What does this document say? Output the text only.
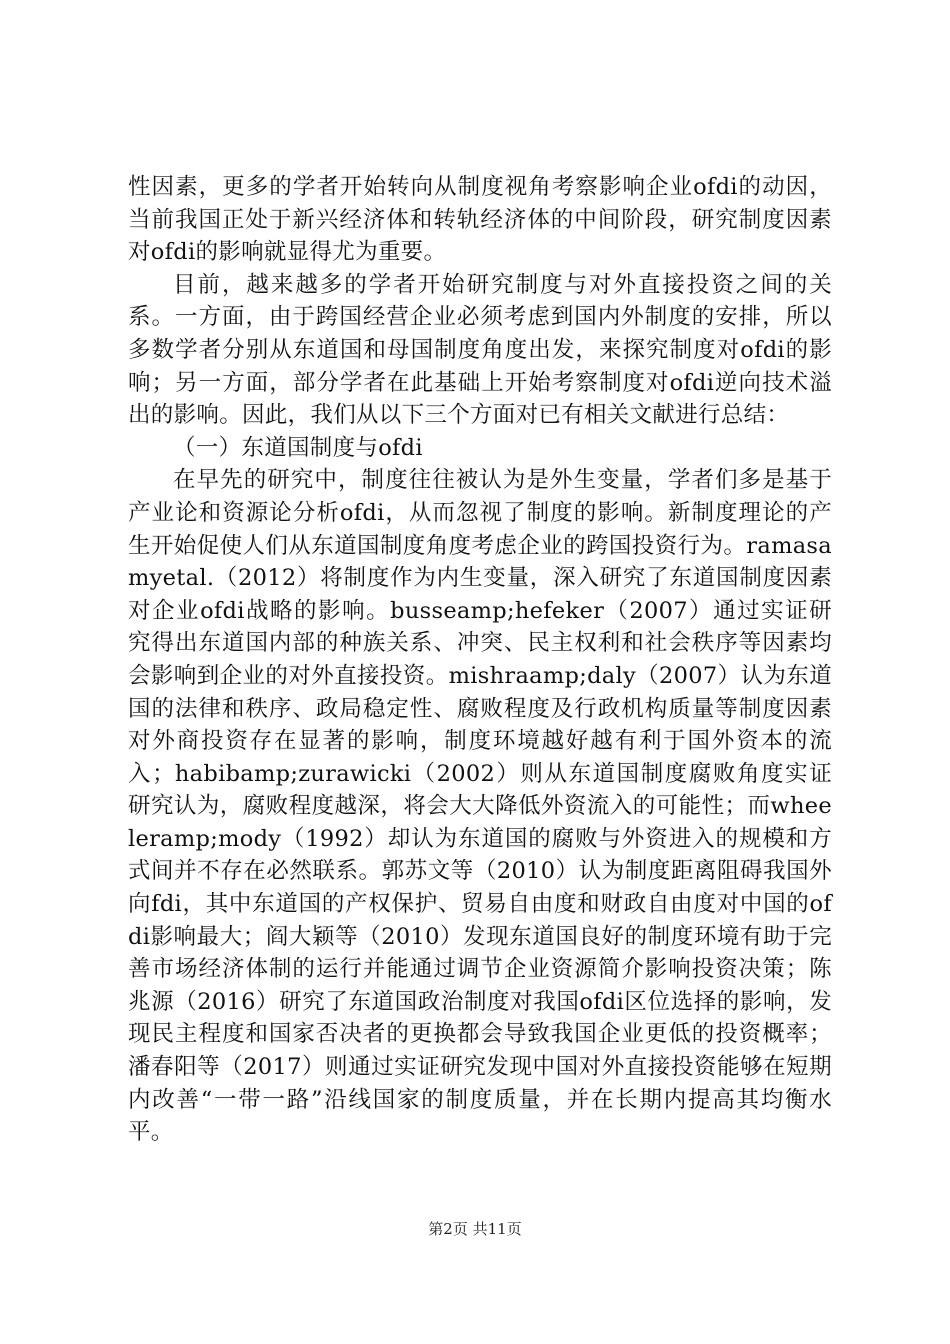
性因素，更多的学者开始转向从制度视角考察影响企业ofdi的动因，当前我国正处于新兴经济体和转轨经济体的中间阶段，研究制度因素对ofdi的影响就显得尤为重要。

目前，越来越多的学者开始研究制度与对外直接投资之间的关系。一方面，由于跨国经营企业必须考虑到国内外制度的安排，所以多数学者分别从东道国和母国制度角度出发，来探究制度对ofdi的影响；另一方面，部分学者在此基础上开始考察制度对ofdi逆向技术溢出的影响。因此，我们从以下三个方面对已有相关文献进行总结：

（一）东道国制度与ofdi

在早先的研究中，制度往往被认为是外生变量，学者们多是基于产业论和资源论分析ofdi，从而忽视了制度的影响。新制度理论的产生开始促使人们从东道国制度角度考虑企业的跨国投资行为。ramasamyetal.（2012）将制度作为内生变量，深入研究了东道国制度因素对企业ofdi战略的影响。busseamp;hefeker（2007）通过实证研究得出东道国内部的种族关系、冲突、民主权利和社会秩序等因素均会影响到企业的对外直接投资。mishraamp;daly（2007）认为东道国的法律和秩序、政局稳定性、腐败程度及行政机构质量等制度因素对外商投资存在显著的影响，制度环境越好越有利于国外资本的流入；habibamp;zurawicki（2002）则从东道国制度腐败角度实证研究认为，腐败程度越深，将会大大降低外资流入的可能性；而wheeleramp;mody（1992）却认为东道国的腐败与外资进入的规模和方式间并不存在必然联系。郭苏文等（2010）认为制度距离阻碍我国外向fdi，其中东道国的产权保护、贸易自由度和财政自由度对中国的ofdi影响最大；阎大颖等（2010）发现东道国良好的制度环境有助于完善市场经济体制的运行并能通过调节企业资源简介影响投资决策；陈兆源（2016）研究了东道国政治制度对我国ofdi区位选择的影响，发现民主程度和国家否决者的更换都会导致我国企业更低的投资概率；潘春阳等（2017）则通过实证研究发现中国对外直接投资能够在短期内改善“一带一路”沿线国家的制度质量，并在长期内提高其均衡水平。

第2页 共11页
